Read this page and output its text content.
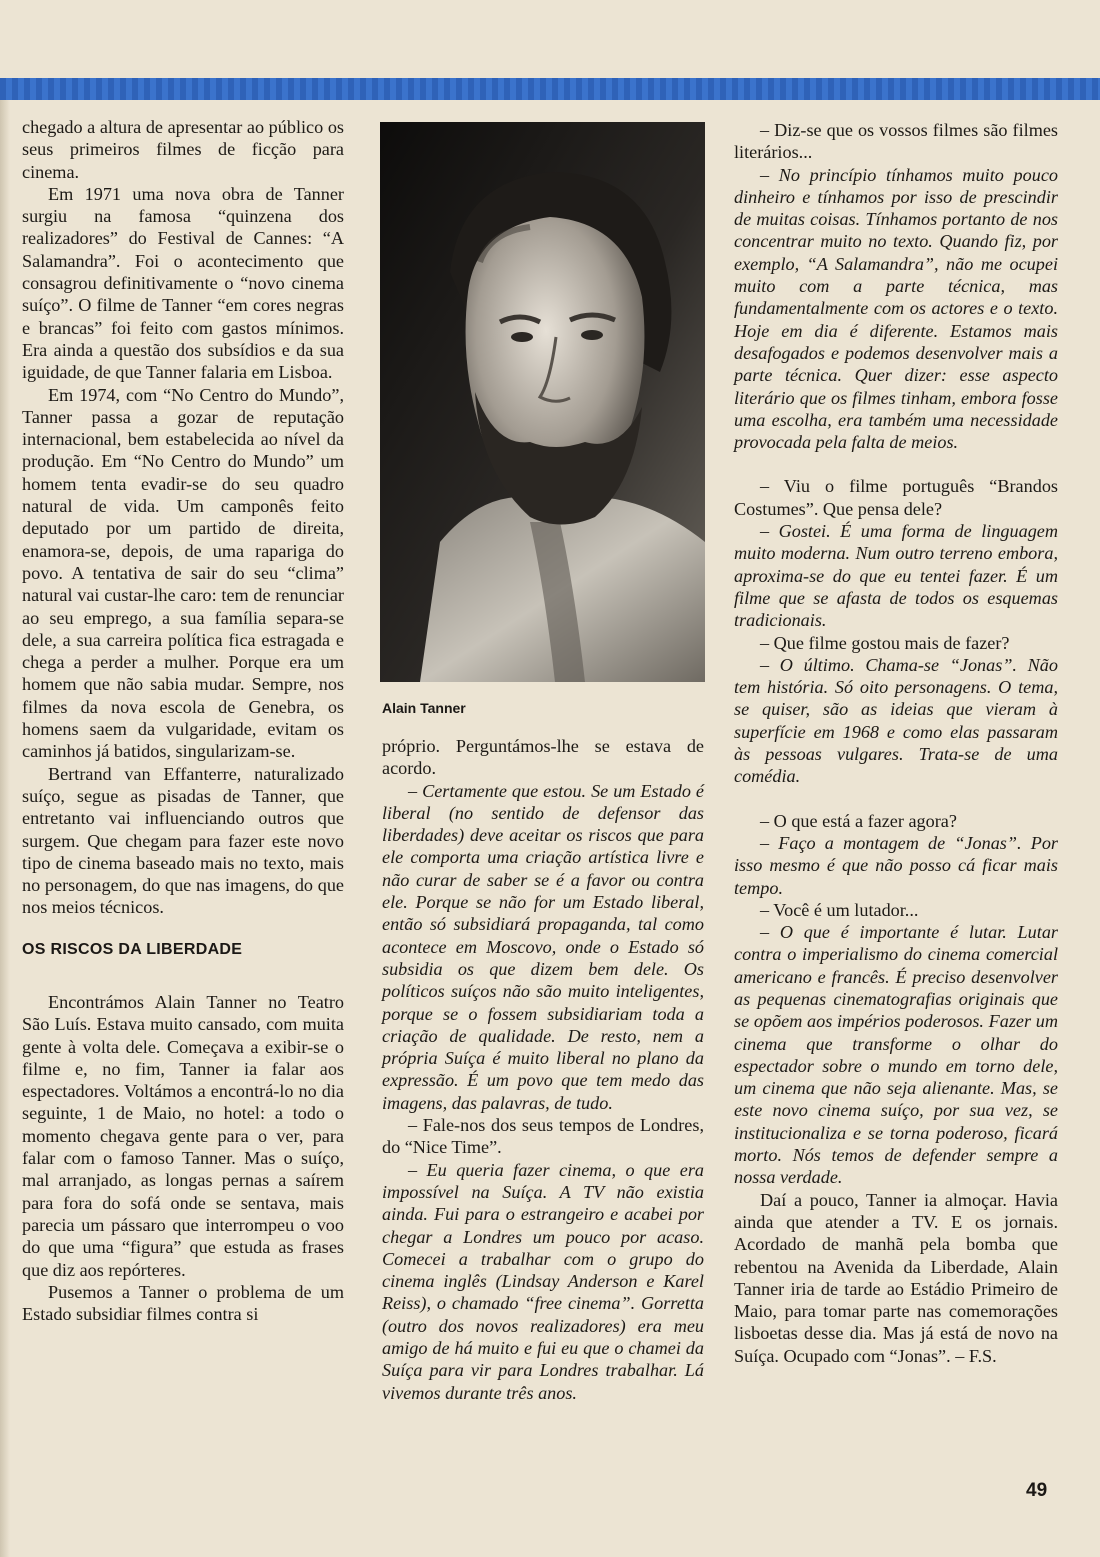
chegado a altura de apresentar ao público os seus primeiros filmes de ficção para cinema.

Em 1971 uma nova obra de Tanner surgiu na famosa “quinzena dos realizadores” do Festival de Cannes: “A Salamandra”. Foi o acontecimento que consagrou definitivamente o “novo cinema suíço”. O filme de Tanner “em cores negras e brancas” foi feito com gastos mínimos. Era ainda a questão dos subsídios e da sua iguidade, de que Tanner falaria em Lisboa.

Em 1974, com “No Centro do Mundo”, Tanner passa a gozar de reputação internacional, bem estabelecida ao nível da produção. Em “No Centro do Mundo” um homem tenta evadir-se do seu quadro natural de vida. Um camponês feito deputado por um partido de direita, enamora-se, depois, de uma rapariga do povo. A tentativa de sair do seu “clima” natural vai custar-lhe caro: tem de renunciar ao seu emprego, a sua família separa-se dele, a sua carreira política fica estragada e chega a perder a mulher. Porque era um homem que não sabia mudar. Sempre, nos filmes da nova escola de Genebra, os homens saem da vulgaridade, evitam os caminhos já batidos, singularizam-se.

Bertrand van Effanterre, naturalizado suíço, segue as pisadas de Tanner, que entretanto vai influenciando outros que surgem. Que chegam para fazer este novo tipo de cinema baseado mais no texto, mais no personagem, do que nas imagens, do que nos meios técnicos.

OS RISCOS DA LIBERDADE

Encontrámos Alain Tanner no Teatro São Luís. Estava muito cansado, com muita gente à volta dele. Começava a exibir-se o filme e, no fim, Tanner ia falar aos espectadores. Voltámos a encontrá-lo no dia seguinte, 1 de Maio, no hotel: a todo o momento chegava gente para o ver, para falar com o famoso Tanner. Mas o suíço, mal arranjado, as longas pernas a saírem para fora do sofá onde se sentava, mais parecia um pássaro que interrompeu o voo do que uma “figura” que estuda as frases que diz aos repórteres.

Pusemos a Tanner o problema de um Estado subsidiar filmes contra si

Alain Tanner

próprio. Perguntámos-lhe se estava de acordo.

– Certamente que estou. Se um Estado é liberal (no sentido de defensor das liberdades) deve aceitar os riscos que para ele comporta uma criação artística livre e não curar de saber se é a favor ou contra ele. Porque se não for um Estado liberal, então só subsidiará propaganda, tal como acontece em Moscovo, onde o Estado só subsidia os que dizem bem dele. Os políticos suíços não são muito inteligentes, porque se o fossem subsidiariam toda a criação de qualidade. De resto, nem a própria Suíça é muito liberal no plano da expressão. É um povo que tem medo das imagens, das palavras, de tudo.

– Fale-nos dos seus tempos de Londres, do “Nice Time”.

– Eu queria fazer cinema, o que era impossível na Suíça. A TV não existia ainda. Fui para o estrangeiro e acabei por chegar a Londres um pouco por acaso. Comecei a trabalhar com o grupo do cinema inglês (Lindsay Anderson e Karel Reiss), o chamado “free cinema”. Gorretta (outro dos novos realizadores) era meu amigo de há muito e fui eu que o chamei da Suíça para vir para Londres trabalhar. Lá vivemos durante três anos.

– Diz-se que os vossos filmes são filmes literários...

– No princípio tínhamos muito pouco dinheiro e tínhamos por isso de prescindir de muitas coisas. Tínhamos portanto de nos concentrar muito no texto. Quando fiz, por exemplo, “A Salamandra”, não me ocupei muito com a parte técnica, mas fundamentalmente com os actores e o texto. Hoje em dia é diferente. Estamos mais desafogados e podemos desenvolver mais a parte técnica. Quer dizer: esse aspecto literário que os filmes tinham, embora fosse uma escolha, era também uma necessidade provocada pela falta de meios.

– Viu o filme português “Brandos Costumes”. Que pensa dele?

– Gostei. É uma forma de linguagem muito moderna. Num outro terreno embora, aproxima-se do que eu tentei fazer. É um filme que se afasta de todos os esquemas tradicionais.

– Que filme gostou mais de fazer?

– O último. Chama-se “Jonas”. Não tem história. Só oito personagens. O tema, se quiser, são as ideias que vieram à superfície em 1968 e como elas passaram às pessoas vulgares. Trata-se de uma comédia.

– O que está a fazer agora?

– Faço a montagem de “Jonas”. Por isso mesmo é que não posso cá ficar mais tempo.

– Você é um lutador...

– O que é importante é lutar. Lutar contra o imperialismo do cinema comercial americano e francês. É preciso desenvolver as pequenas cinematografias originais que se opõem aos impérios poderosos. Fazer um cinema que transforme o olhar do espectador sobre o mundo em torno dele, um cinema que não seja alienante. Mas, se este novo cinema suíço, por sua vez, se institucionaliza e se torna poderoso, ficará morto. Nós temos de defender sempre a nossa verdade.

Daí a pouco, Tanner ia almoçar. Havia ainda que atender a TV. E os jornais. Acordado de manhã pela bomba que rebentou na Avenida da Liberdade, Alain Tanner iria de tarde ao Estádio Primeiro de Maio, para tomar parte nas comemorações lisboetas desse dia. Mas já está de novo na Suíça. Ocupado com “Jonas”. – F.S.

49
